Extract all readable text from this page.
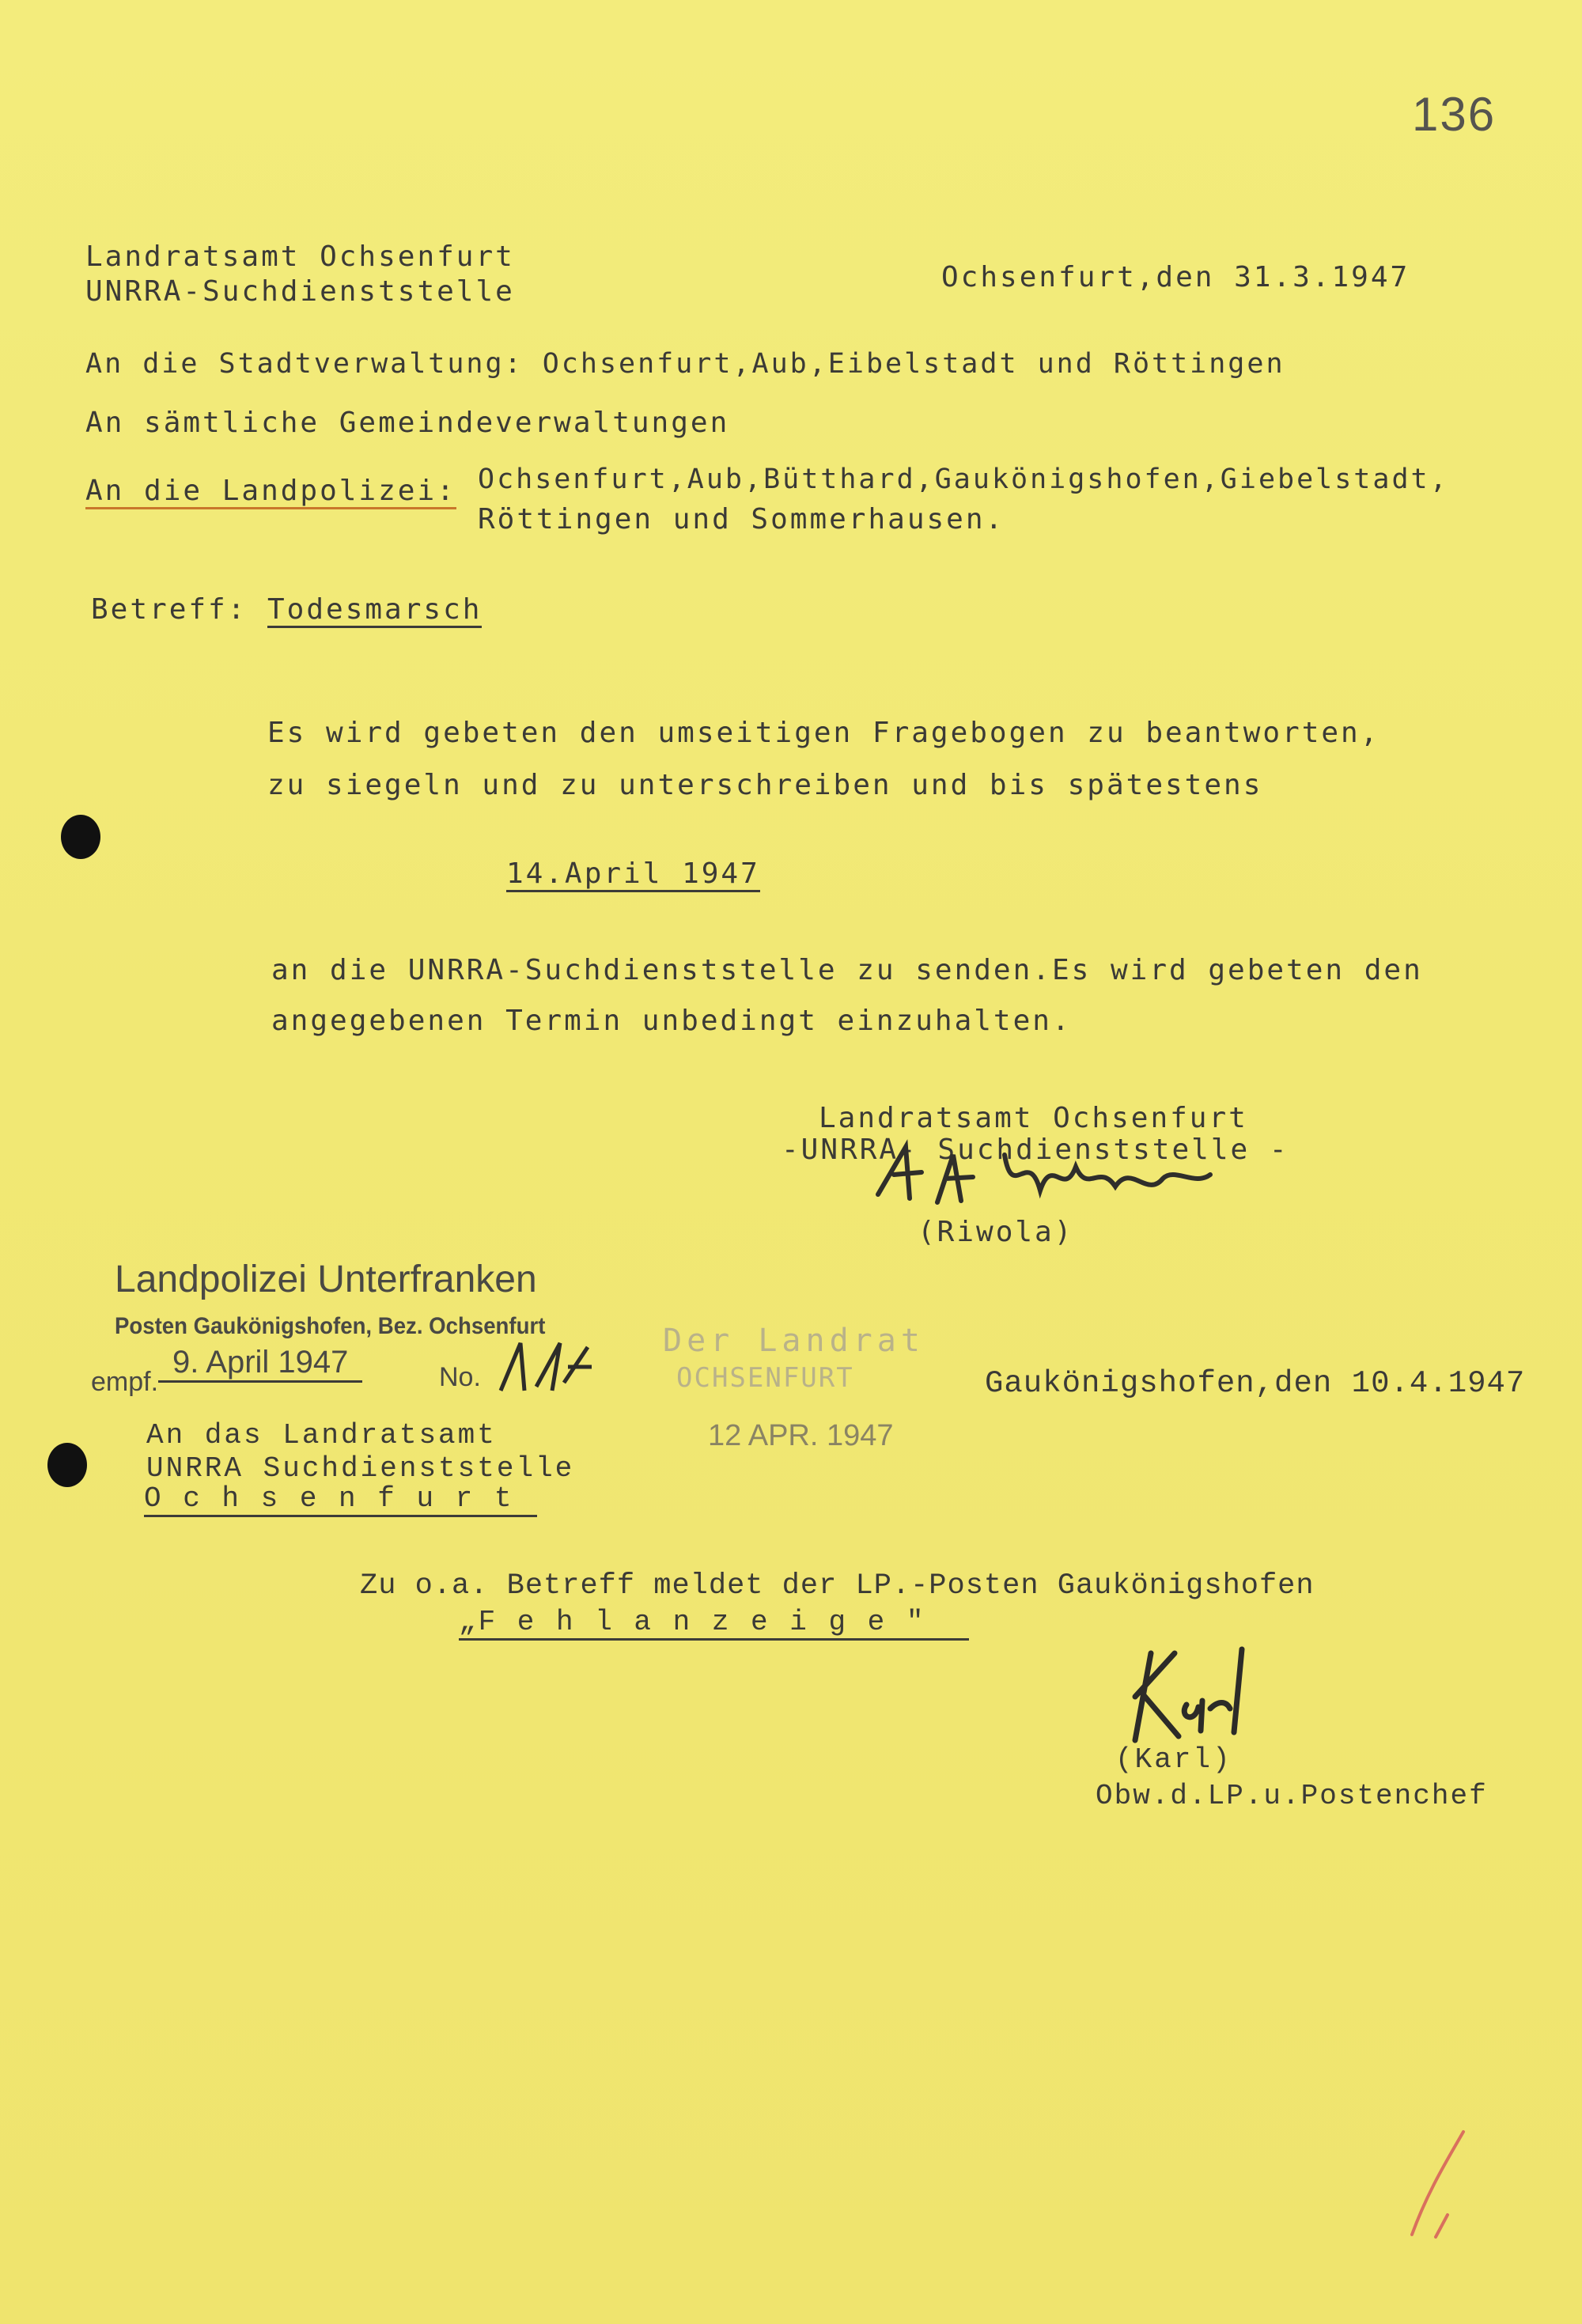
136
Landratsamt Ochsenfurt
UNRRA-Suchdienststelle	Ochsenfurt,den 31.3.1947
An die Stadtverwaltung: Ochsenfurt,Aub,Eibelstadt und Röttingen
An sämtliche Gemeindeverwaltungen
An die Landpolizei: Ochsenfurt,Aub,Bütthard,Gaukönigshofen,Giebelstadt,
Röttingen und Sommerhausen.
Betreff: Todesmarsch
Es wird gebeten den umseitigen Fragebogen zu beantworten,
zu siegeln und zu unterschreiben und bis spätestens
14.April 1947
an die UNRRA-Suchdienststelle zu senden.Es wird gebeten den
angegebenen Termin unbedingt einzuhalten.
Landratsamt Ochsenfurt
-UNRRA- Suchdienststelle -
(Riwola)
Landpolizei Unterfranken
Posten Gaukönigshofen, Bez. Ochsenfurt
empf.
9. April 1947	No.
Der Landrat
OCHSENFURT
12 APR. 1947
Gaukönigshofen,den 10.4.1947
An das Landratsamt
UNRRA Suchdienststelle
O c h s e n f u r t
Zu o.a. Betreff meldet der LP.-Posten Gaukönigshofen
„F e h l a n z e i g e "
(Karl)
Obw.d.LP.u.Postenchef
